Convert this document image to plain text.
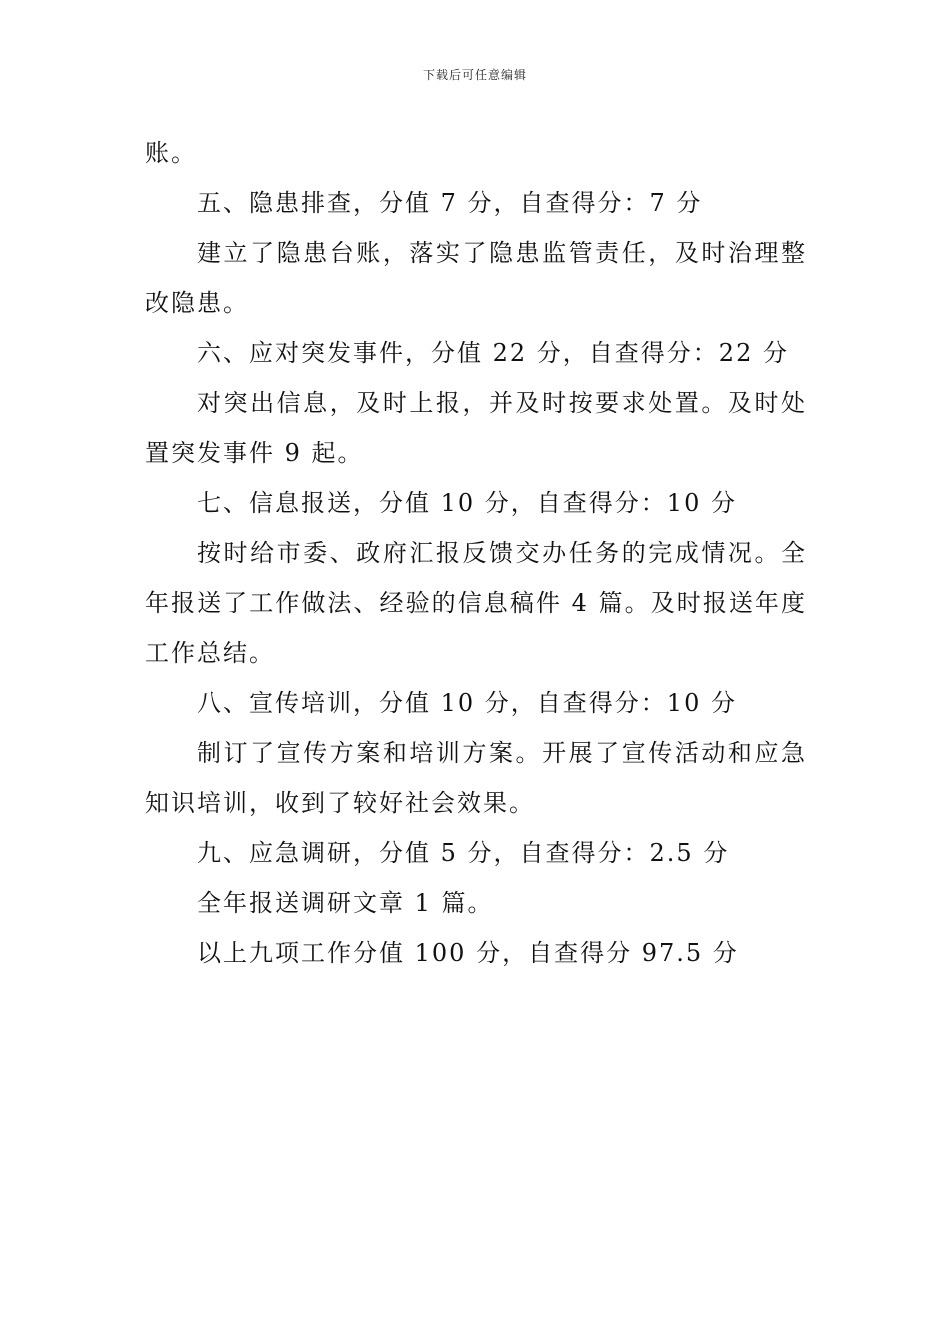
下载后可任意编辑

账。

五、隐患排查，分值 7 分，自查得分：7 分

建立了隐患台账，落实了隐患监管责任，及时治理整改隐患。

六、应对突发事件，分值 22 分，自查得分：22 分

对突出信息，及时上报，并及时按要求处置。及时处置突发事件 9 起。

七、信息报送，分值 10 分，自查得分：10 分

按时给市委、政府汇报反馈交办任务的完成情况。全年报送了工作做法、经验的信息稿件 4 篇。及时报送年度工作总结。

八、宣传培训，分值 10 分，自查得分：10 分

制订了宣传方案和培训方案。开展了宣传活动和应急知识培训，收到了较好社会效果。

九、应急调研，分值 5 分，自查得分：2.5 分

全年报送调研文章 1 篇。

以上九项工作分值 100 分，自查得分 97.5 分
